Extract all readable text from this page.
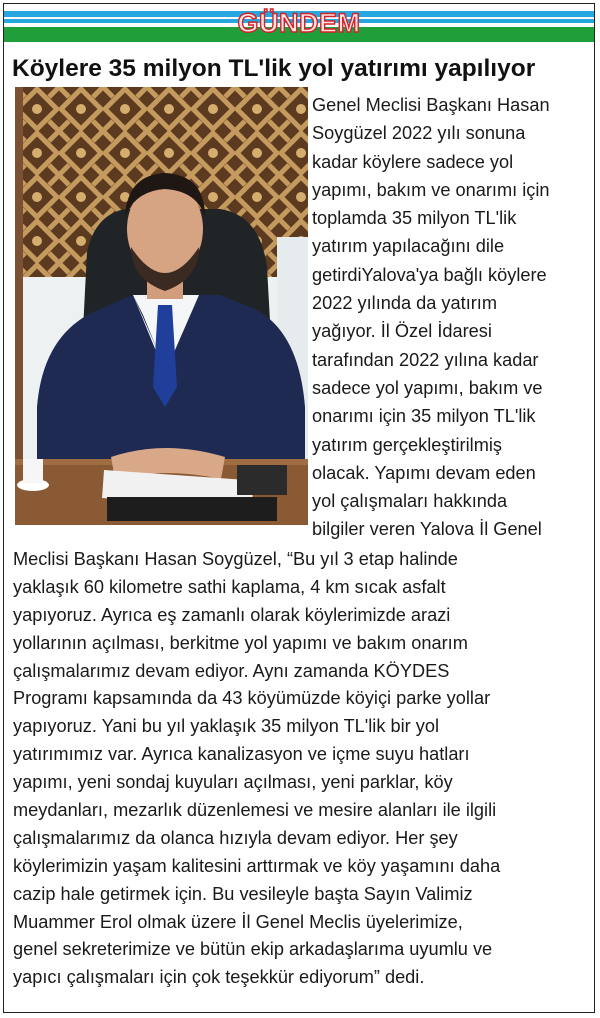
GÜNDEM
Köylere 35 milyon TL'lik yol yatırımı yapılıyor
Genel Meclisi Başkanı Hasan
Soygüzel 2022 yılı sonuna
kadar köylere sadece yol
yapımı, bakım ve onarımı için
toplamda 35 milyon TL'lik
yatırım yapılacağını dile
getirdiYalova'ya bağlı köylere
2022 yılında da yatırım
yağıyor. İl Özel İdaresi
tarafından 2022 yılına kadar
sadece yol yapımı, bakım ve
onarımı için 35 milyon TL'lik
yatırım gerçekleştirilmiş
olacak. Yapımı devam eden
yol çalışmaları hakkında
bilgiler veren Yalova İl Genel
Meclisi Başkanı Hasan Soygüzel, “Bu yıl 3 etap halinde
yaklaşık 60 kilometre sathi kaplama, 4 km sıcak asfalt
yapıyoruz. Ayrıca eş zamanlı olarak köylerimizde arazi
yollarının açılması, berkitme yol yapımı ve bakım onarım
çalışmalarımız devam ediyor. Aynı zamanda KÖYDES
Programı kapsamında da 43 köyümüzde köyiçi parke yollar
yapıyoruz. Yani bu yıl yaklaşık 35 milyon TL'lik bir yol
yatırımımız var. Ayrıca kanalizasyon ve içme suyu hatları
yapımı, yeni sondaj kuyuları açılması, yeni parklar, köy
meydanları, mezarlık düzenlemesi ve mesire alanları ile ilgili
çalışmalarımız da olanca hızıyla devam ediyor. Her şey
köylerimizin yaşam kalitesini arttırmak ve köy yaşamını daha
cazip hale getirmek için. Bu vesileyle başta Sayın Valimiz
Muammer Erol olmak üzere İl Genel Meclis üyelerimize,
genel sekreterimize ve bütün ekip arkadaşlarıma uyumlu ve
yapıcı çalışmaları için çok teşekkür ediyorum” dedi.
